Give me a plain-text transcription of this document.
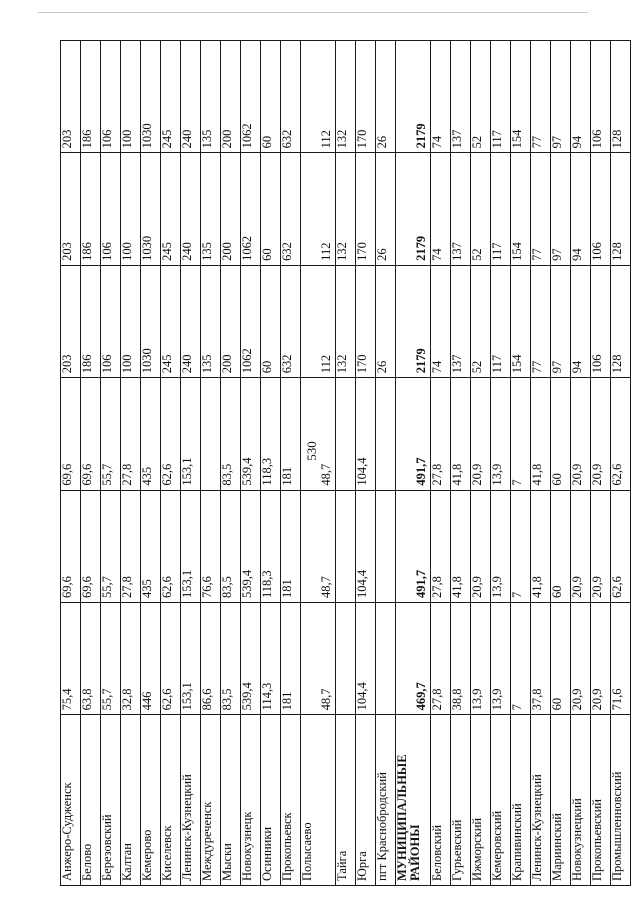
530
Анжеро-Судженск	75,4	69,6	69,6	203	203	203
Белово	63,8	69,6	69,6	186	186	186
Березовский	55,7	55,7	55,7	106	106	106
Калтан	32,8	27,8	27,8	100	100	100
Кемерово	446	435	435	1030	1030	1030
Киселевск	62,6	62,6	62,6	245	245	245
Ленинск-Кузнецкий	153,1	153,1	153,1	240	240	240
Междуреченск	86,6	76,6		135	135	135
Мыски	83,5	83,5	83,5	200	200	200
Новокузнецк	539,4	539,4	539,4	1062	1062	1062
Осинники	114,3	118,3	118,3	60	60	60
Прокопьевск	181	181	181	632	632	632
Полысаево	48,7	48,7	48,7	112	112	112
Тайга				132	132	132
Юрга	104,4	104,4	104,4	170	170	170
пгт Краснобродский				26	26	26
МУНИЦИПАЛЬНЫЕ РАЙОНЫ	469,7	491,7	491,7	2179	2179	2179
Беловский	27,8	27,8	27,8	74	74	74
Гурьевский	38,8	41,8	41,8	137	137	137
Ижморский	13,9	20,9	20,9	52	52	52
Кемеровский	13,9	13,9	13,9	117	117	117
Крапивинский	7	7	7	154	154	154
Ленинск-Кузнецкий	37,8	41,8	41,8	77	77	77
Мариинский	60	60	60	97	97	97
Новокузнецкий	20,9	20,9	20,9	94	94	94
Прокопьевский	20,9	20,9	20,9	106	106	106
Промышленновский	71,6	62,6	62,6	128	128	128
